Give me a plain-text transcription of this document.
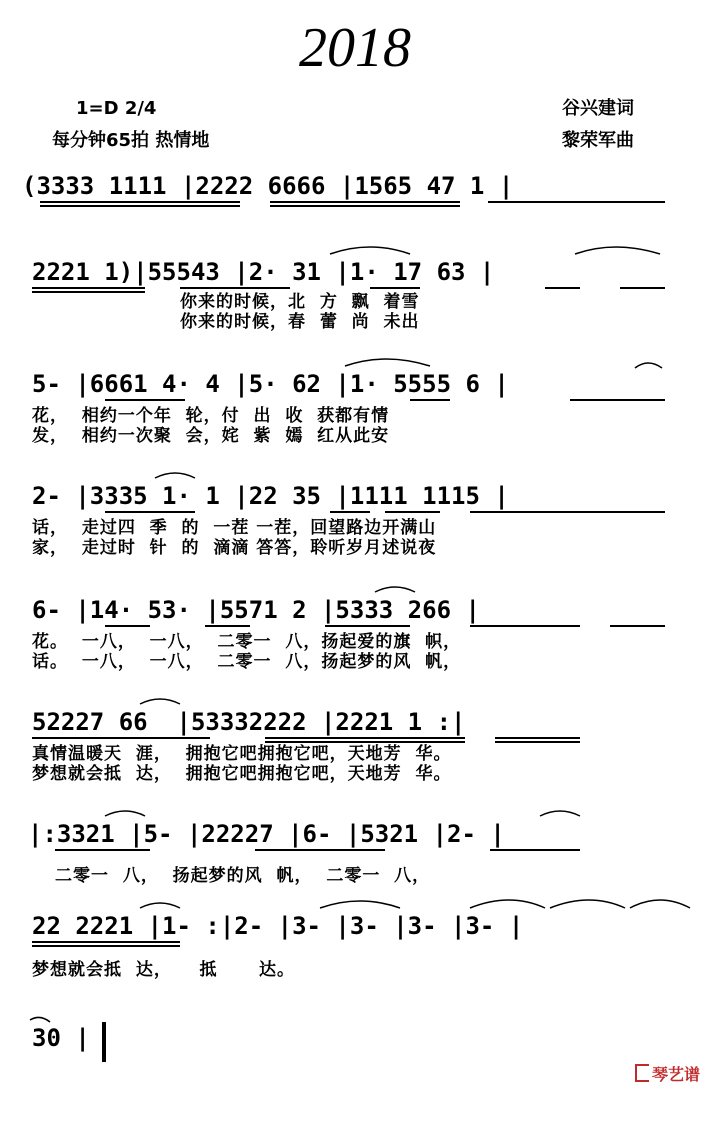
2018
1=D 2/4
每分钟65拍 热情地
谷兴建词
黎荣军曲
(3333 1111 |2222 6666 |1565 47 1 |
2221 1)|55543 |2· 31 |1· 17 63 |
你来的时候，北  方  飘  着雪
你来的时候，春  蕾  尚  未出
5- |6661 4· 4 |5· 62 |1· 5555 6 |
花，  相约一个年  轮，付  出  收  获都有情
发，  相约一次聚  会，姹  紫  嫣  红从此安
2- |3335 1· 1 |22 35 |1111 1115 |
话，  走过四  季  的  一茬 一茬，回望路边开满山
家，  走过时  针  的  滴滴 答答，聆听岁月述说夜
6- |14· 53· |5571 2 |5333 266 |
花。  一八，  一八，  二零一  八，扬起爱的旗  帜，
话。  一八，  一八，  二零一  八，扬起梦的风  帆，
52227 66  |53332222 |2221 1 :|
真情温暖天  涯，  拥抱它吧拥抱它吧，天地芳  华。
梦想就会抵  达，  拥抱它吧拥抱它吧，天地芳  华。
|:3321 |5- |22227 |6- |5321 |2- |
二零一  八，  扬起梦的风  帆，  二零一  八，
22 2221 |1- :|2- |3- |3- |3- |3- |
梦想就会抵  达，    抵      达。
30 |
琴艺谱
